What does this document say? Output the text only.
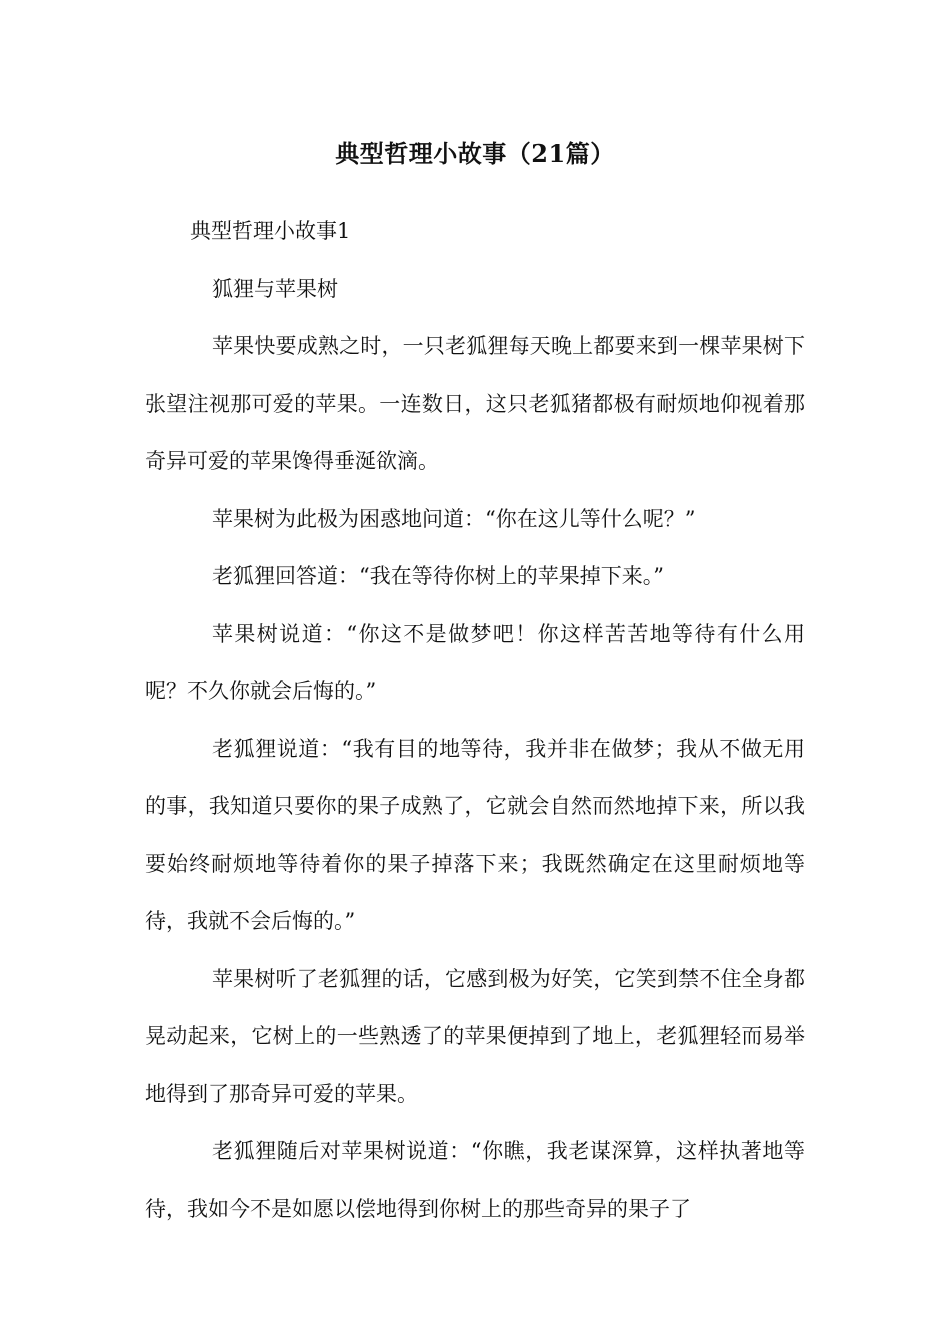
典型哲理小故事（21篇）

典型哲理小故事1

狐狸与苹果树

苹果快要成熟之时，一只老狐狸每天晚上都要来到一棵苹果树下张望注视那可爱的苹果。一连数日，这只老狐猪都极有耐烦地仰视着那奇异可爱的苹果馋得垂涎欲滴。

苹果树为此极为困惑地问道：“你在这儿等什么呢？”

老狐狸回答道：“我在等待你树上的苹果掉下来。”

苹果树说道：“你这不是做梦吧！你这样苦苦地等待有什么用呢？不久你就会后悔的。”

老狐狸说道：“我有目的地等待，我并非在做梦；我从不做无用的事，我知道只要你的果子成熟了，它就会自然而然地掉下来，所以我要始终耐烦地等待着你的果子掉落下来；我既然确定在这里耐烦地等待，我就不会后悔的。”

苹果树听了老狐狸的话，它感到极为好笑，它笑到禁不住全身都晃动起来，它树上的一些熟透了的苹果便掉到了地上，老狐狸轻而易举地得到了那奇异可爱的苹果。

老狐狸随后对苹果树说道：“你瞧，我老谋深算，这样执著地等待，我如今不是如愿以偿地得到你树上的那些奇异的果子了
